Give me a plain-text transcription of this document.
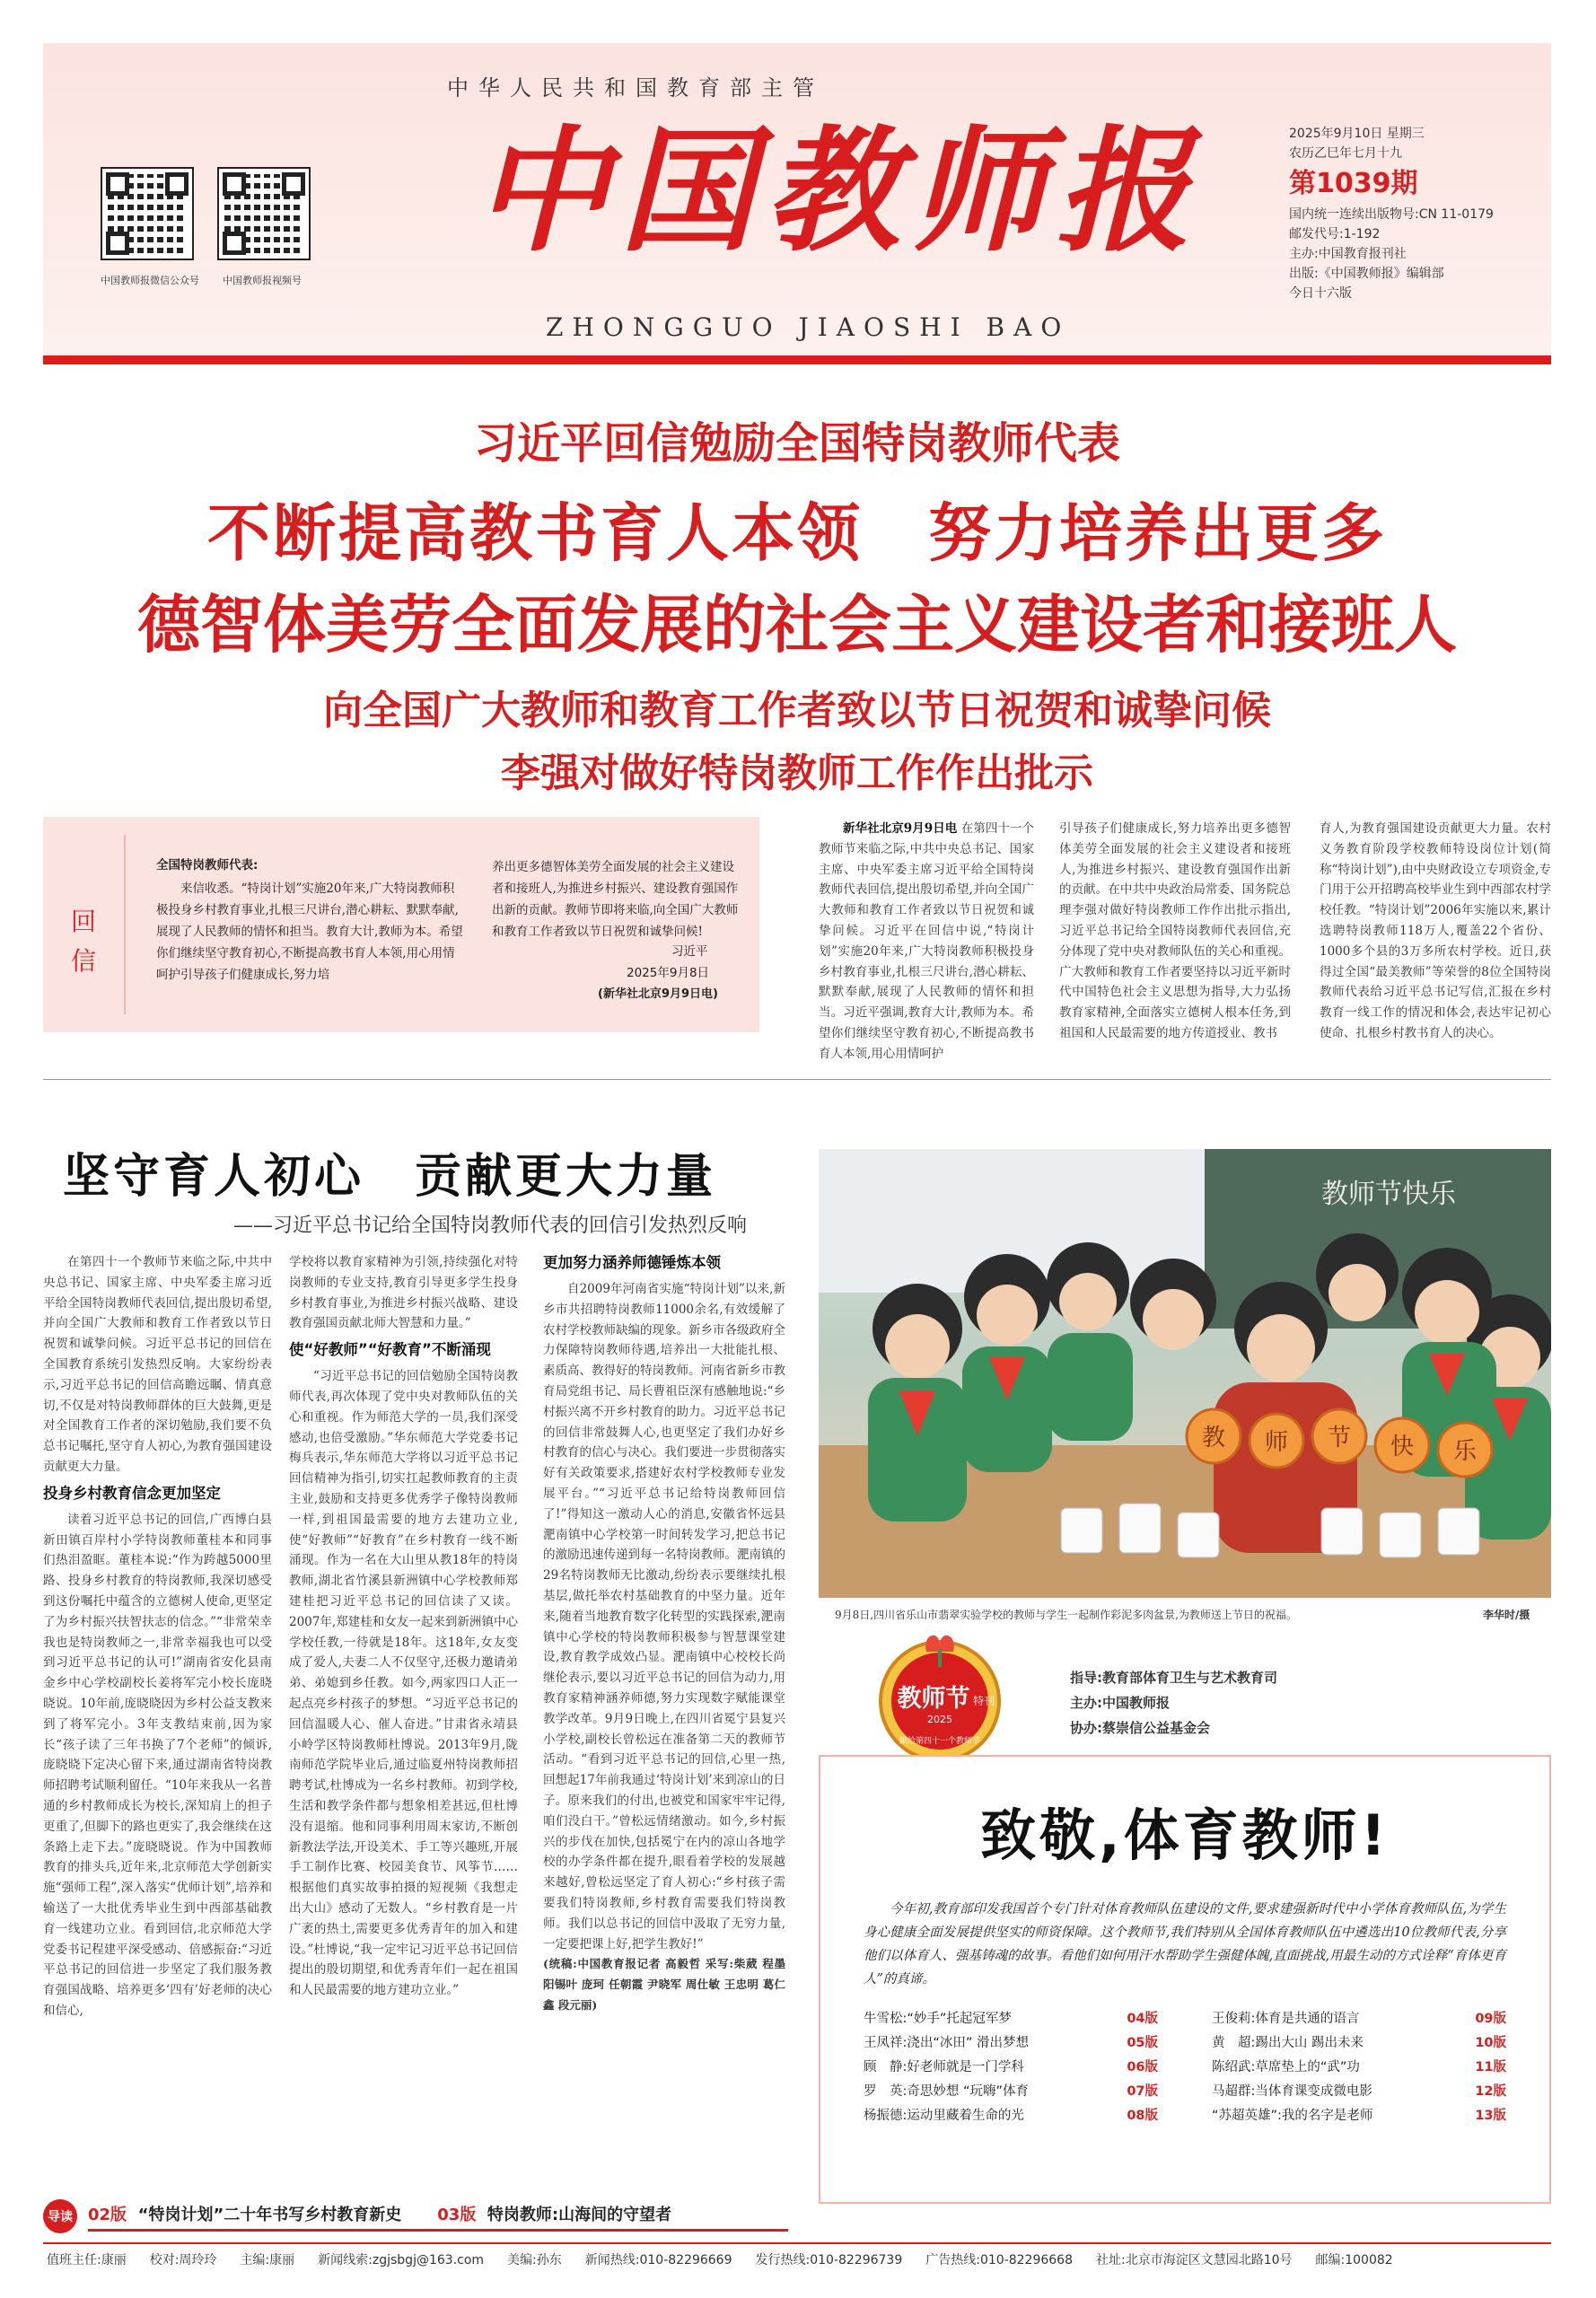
中华人民共和国教育部主管
中国教师报微信公众号 中国教师报视频号
中国教师报
ZHONGGUO JIAOSHI BAO
2025年9月10日 星期三
农历乙巳年七月十九
第1039期
国内统一连续出版物号:CN 11-0179
邮发代号:1-192
主办:中国教育报刊社
出版:《中国教师报》编辑部
今日十六版
习近平回信勉励全国特岗教师代表
不断提高教书育人本领　努力培养出更多
德智体美劳全面发展的社会主义建设者和接班人
向全国广大教师和教育工作者致以节日祝贺和诚挚问候
李强对做好特岗教师工作作出批示
回信
全国特岗教师代表:
来信收悉。“特岗计划”实施20年来,广大特岗教师积极投身乡村教育事业,扎根三尺讲台,潜心耕耘、默默奉献,展现了人民教师的情怀和担当。教育大计,教师为本。希望你们继续坚守教育初心,不断提高教书育人本领,用心用情呵护引导孩子们健康成长,努力培
养出更多德智体美劳全面发展的社会主义建设者和接班人,为推进乡村振兴、建设教育强国作出新的贡献。教师节即将来临,向全国广大教师和教育工作者致以节日祝贺和诚挚问候!
习近平
2025年9月8日
(新华社北京9月9日电)
新华社北京9月9日电 在第四十一个教师节来临之际,中共中央总书记、国家主席、中央军委主席习近平给全国特岗教师代表回信,提出殷切希望,并向全国广大教师和教育工作者致以节日祝贺和诚挚问候。习近平在回信中说,“特岗计划”实施20年来,广大特岗教师积极投身乡村教育事业,扎根三尺讲台,潜心耕耘、默默奉献,展现了人民教师的情怀和担当。习近平强调,教育大计,教师为本。希望你们继续坚守教育初心,不断提高教书育人本领,用心用情呵护
引导孩子们健康成长,努力培养出更多德智体美劳全面发展的社会主义建设者和接班人,为推进乡村振兴、建设教育强国作出新的贡献。在中共中央政治局常委、国务院总理李强对做好特岗教师工作作出批示指出,习近平总书记给全国特岗教师代表回信,充分体现了党中央对教师队伍的关心和重视。广大教师和教育工作者要坚持以习近平新时代中国特色社会主义思想为指导,大力弘扬教育家精神,全面落实立德树人根本任务,到祖国和人民最需要的地方传道授业、教书
育人,为教育强国建设贡献更大力量。农村义务教育阶段学校教师特设岗位计划(简称“特岗计划”),由中央财政设立专项资金,专门用于公开招聘高校毕业生到中西部农村学校任教。“特岗计划”2006年实施以来,累计选聘特岗教师118万人,覆盖22个省份、1000多个县的3万多所农村学校。近日,获得过全国“最美教师”等荣誉的8位全国特岗教师代表给习近平总书记写信,汇报在乡村教育一线工作的情况和体会,表达牢记初心使命、扎根乡村教书育人的决心。
坚守育人初心　贡献更大力量
——习近平总书记给全国特岗教师代表的回信引发热烈反响
在第四十一个教师节来临之际,中共中央总书记、国家主席、中央军委主席习近平给全国特岗教师代表回信,提出殷切希望,并向全国广大教师和教育工作者致以节日祝贺和诚挚问候。习近平总书记的回信在全国教育系统引发热烈反响。大家纷纷表示,习近平总书记的回信高瞻远瞩、情真意切,不仅是对特岗教师群体的巨大鼓舞,更是对全国教育工作者的深切勉励,我们要不负总书记嘱托,坚守育人初心,为教育强国建设贡献更大力量。
投身乡村教育信念更加坚定
读着习近平总书记的回信,广西博白县新田镇百岸村小学特岗教师董桂本和同事们热泪盈眶。董桂本说:“作为跨越5000里路、投身乡村教育的特岗教师,我深切感受到这份嘱托中蕴含的立德树人使命,更坚定了为乡村振兴扶智扶志的信念。”“非常荣幸我也是特岗教师之一,非常幸福我也可以受到习近平总书记的认可!”湖南省安化县南金乡中心学校副校长姜将军完小校长庞晓晓说。10年前,庞晓晓因为乡村公益支教来到了将军完小。3年支教结束前,因为家长“孩子读了三年书换了7个老师”的倾诉,庞晓晓下定决心留下来,通过湖南省特岗教师招聘考试顺利留任。“10年来我从一名普通的乡村教师成长为校长,深知肩上的担子更重了,但脚下的路也更实了,我会继续在这条路上走下去。”庞晓晓说。作为中国教师教育的排头兵,近年来,北京师范大学创新实施“强师工程”,深入落实“优师计划”,培养和输送了一大批优秀毕业生到中西部基础教育一线建功立业。看到回信,北京师范大学党委书记程建平深受感动、倍感振奋:“习近平总书记的回信进一步坚定了我们服务教育强国战略、培养更多‘四有’好老师的决心和信心,
学校将以教育家精神为引领,持续强化对特岗教师的专业支持,教育引导更多学生投身乡村教育事业,为推进乡村振兴战略、建设教育强国贡献北师大智慧和力量。”
使“好教师”“好教育”不断涌现
“习近平总书记的回信勉励全国特岗教师代表,再次体现了党中央对教师队伍的关心和重视。作为师范大学的一员,我们深受感动,也倍受激励。”华东师范大学党委书记梅兵表示,华东师范大学将以习近平总书记回信精神为指引,切实扛起教师教育的主责主业,鼓励和支持更多优秀学子像特岗教师一样,到祖国最需要的地方去建功立业,使“好教师”“好教育”在乡村教育一线不断涌现。作为一名在大山里从教18年的特岗教师,湖北省竹溪县新洲镇中心学校教师郑建桂把习近平总书记的回信读了又读。2007年,郑建桂和女友一起来到新洲镇中心学校任教,一待就是18年。这18年,女友变成了爱人,夫妻二人不仅坚守,还极力邀请弟弟、弟媳到乡任教。如今,两家四口人正一起点亮乡村孩子的梦想。“习近平总书记的回信温暖人心、催人奋进。”甘肃省永靖县小岭学区特岗教师杜博说。2013年9月,陇南师范学院毕业后,通过临夏州特岗教师招聘考试,杜博成为一名乡村教师。初到学校,生活和教学条件都与想象相差甚远,但杜博没有退缩。他和同事利用周末家访,不断创新教法学法,开设美术、手工等兴趣班,开展手工制作比赛、校园美食节、风筝节……根据他们真实故事拍摄的短视频《我想走出大山》感动了无数人。“乡村教育是一片广袤的热土,需要更多优秀青年的加入和建设。”杜博说,“我一定牢记习近平总书记回信提出的殷切期望,和优秀青年们一起在祖国和人民最需要的地方建功立业。”
更加努力涵养师德锤炼本领
自2009年河南省实施“特岗计划”以来,新乡市共招聘特岗教师11000余名,有效缓解了农村学校教师缺编的现象。新乡市各级政府全力保障特岗教师待遇,培养出一大批能扎根、素质高、教得好的特岗教师。河南省新乡市教育局党组书记、局长曹祖臣深有感触地说:“乡村振兴离不开乡村教育的助力。习近平总书记的回信非常鼓舞人心,也更坚定了我们办好乡村教育的信心与决心。我们要进一步贯彻落实好有关政策要求,搭建好农村学校教师专业发展平台。”“习近平总书记给特岗教师回信了!”得知这一激动人心的消息,安徽省怀远县淝南镇中心学校第一时间转发学习,把总书记的激励迅速传递到每一名特岗教师。淝南镇的29名特岗教师无比激动,纷纷表示要继续扎根基层,做托举农村基础教育的中坚力量。近年来,随着当地教育数字化转型的实践探索,淝南镇中心学校的特岗教师积极参与智慧课堂建设,教育教学成效凸显。淝南镇中心校校长尚继伦表示,要以习近平总书记的回信为动力,用教育家精神涵养师德,努力实现数字赋能课堂教学改革。9月9日晚上,在四川省冕宁县复兴小学校,副校长曾松远在准备第二天的教师节活动。“看到习近平总书记的回信,心里一热,回想起17年前我通过‘特岗计划’来到凉山的日子。原来我们的付出,也被党和国家牢牢记得,咱们没白干。”曾松远情绪激动。如今,乡村振兴的步伐在加快,包括冕宁在内的凉山各地学校的办学条件都在提升,眼看着学校的发展越来越好,曾松远坚定了育人初心:“乡村孩子需要我们特岗教师,乡村教育需要我们特岗教师。我们以总书记的回信中汲取了无穷力量,一定要把课上好,把学生教好!”
(统稿:中国教育报记者 高毅哲 采写:柴葳 程墨 阳锡叶 庞珂 任朝霞 尹晓军 周仕敏 王忠明 葛仁鑫 段元丽)
教师节快乐
教 师 节 快 乐
9月8日,四川省乐山市翡翠实验学校的教师与学生一起制作彩泥多肉盆景,为教师送上节日的祝福。	李华时/摄
教师节 特刊
2025
献给第四十一个教师节
指导:教育部体育卫生与艺术教育司
主办:中国教师报
协办:蔡崇信公益基金会
致敬,体育教师!
今年初,教育部印发我国首个专门针对体育教师队伍建设的文件,要求建强新时代中小学体育教师队伍,为学生身心健康全面发展提供坚实的师资保障。这个教师节,我们特别从全国体育教师队伍中遴选出10位教师代表,分享他们以体育人、强基铸魂的故事。看他们如何用汗水帮助学生强健体魄,直面挑战,用最生动的方式诠释“育体更育人”的真谛。
牛雪松:“妙手”托起冠军梦	04版
王凤祥:浇出“冰田” 滑出梦想	05版
顾　静:好老师就是一门学科	06版
罗　英:奇思妙想 “玩嗨”体育	07版
杨振德:运动里藏着生命的光	08版
王俊莉:体育是共通的语言	09版
黄　超:踢出大山 踢出未来	10版
陈绍武:草席垫上的“武”功	11版
马超群:当体育课变成微电影	12版
“苏超英雄”:我的名字是老师	13版
导读 02版 “特岗计划”二十年书写乡村教育新史 03版 特岗教师:山海间的守望者
值班主任:康丽 校对:周玲玲 主编:康丽 新闻线索:zgjsbgj@163.com 美编:孙东 新闻热线:010-82296669 发行热线:010-82296739 广告热线:010-82296668 社址:北京市海淀区文慧园北路10号 邮编:100082
